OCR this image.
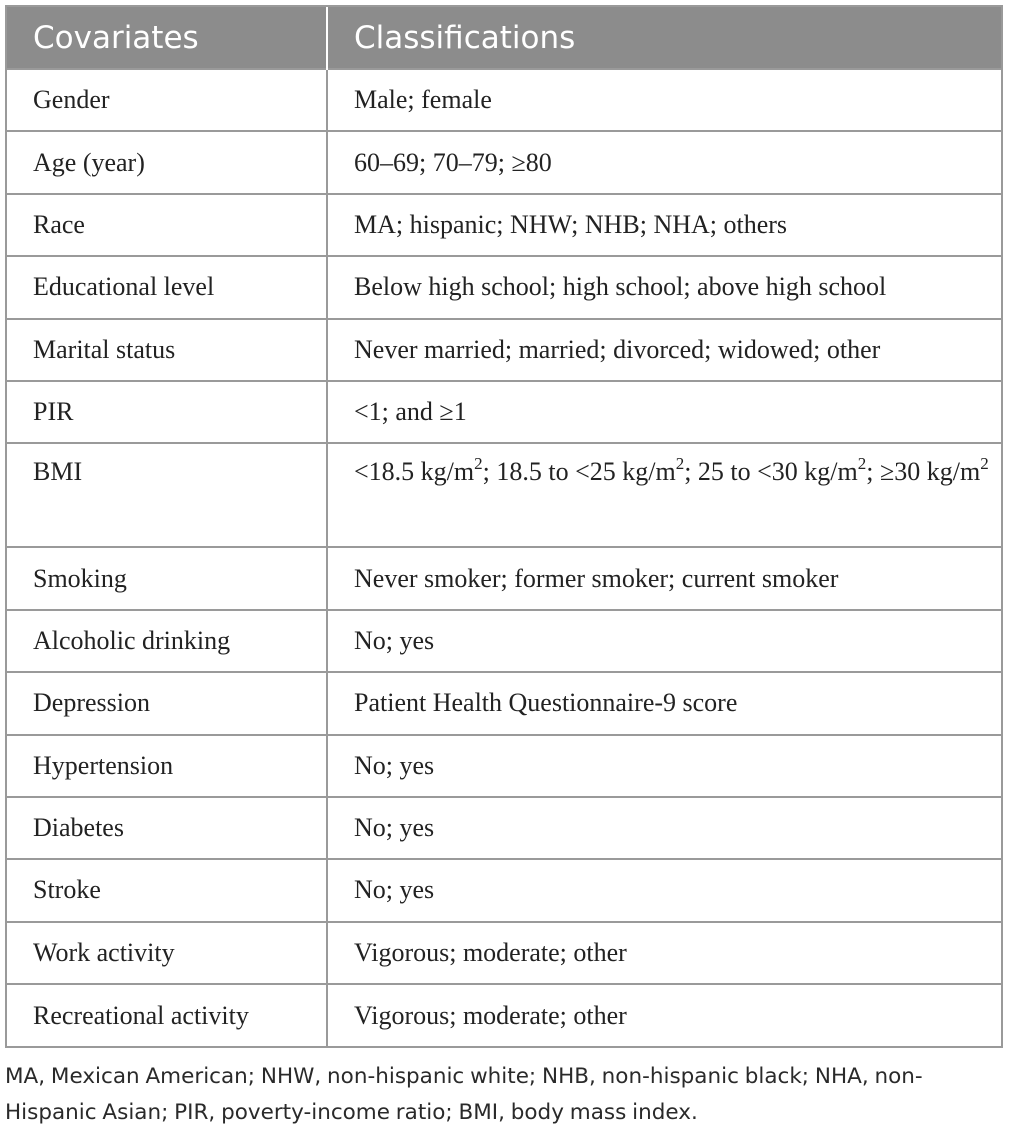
Covariates	Classifications
Gender	Male; female
Age (year)	60–69; 70–79; ≥80
Race	MA; hispanic; NHW; NHB; NHA; others
Educational level	Below high school; high school; above high school
Marital status	Never married; married; divorced; widowed; other
PIR	<1; and ≥1
BMI	<18.5 $kg/m^2$; 18.5 to <25 $kg/m^2$; 25 to <30 $kg/m^2$; ≥30 $kg/m^2$
Smoking	Never smoker; former smoker; current smoker
Alcoholic drinking	No; yes
Depression	Patient Health Questionnaire-9 score
Hypertension	No; yes
Diabetes	No; yes
Stroke	No; yes
Work activity	Vigorous; moderate; other
Recreational activity	Vigorous; moderate; other

MA, Mexican American; NHW, non-hispanic white; NHB, non-hispanic black; NHA, non-Hispanic Asian; PIR, poverty-income ratio; BMI, body mass index.
